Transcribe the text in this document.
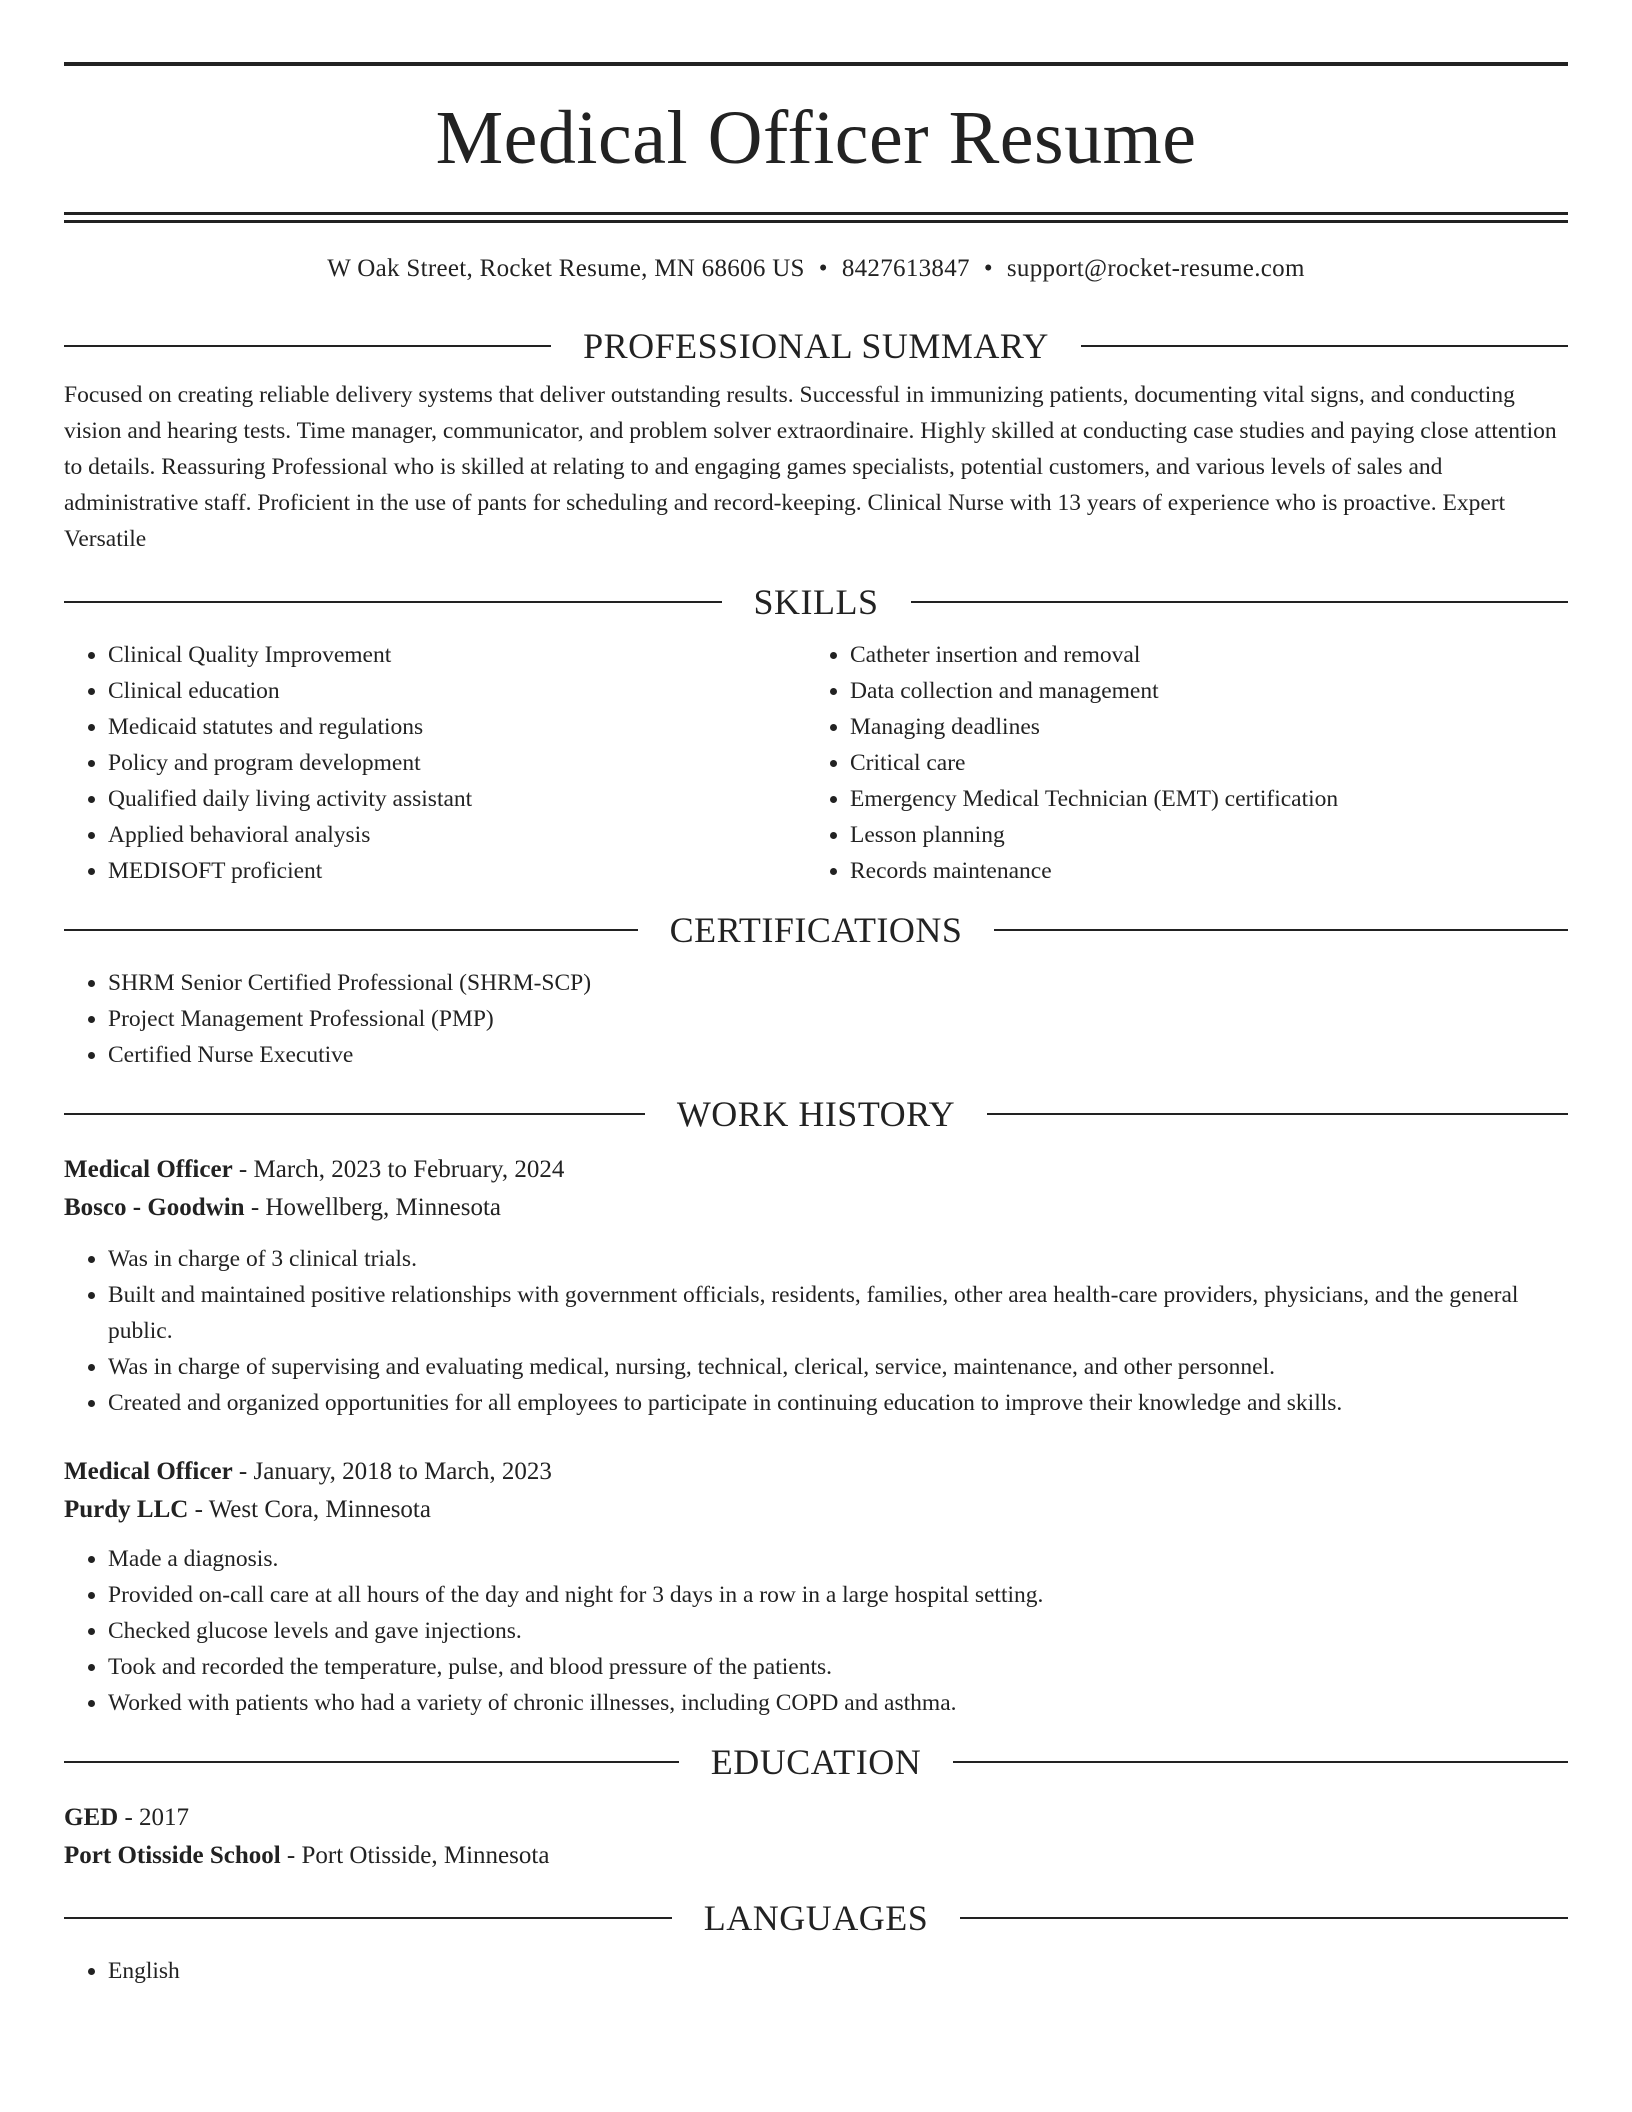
Medical Officer Resume
W Oak Street, Rocket Resume, MN 68606 US • 8427613847 • support@rocket-resume.com
PROFESSIONAL SUMMARY
Focused on creating reliable delivery systems that deliver outstanding results. Successful in immunizing patients, documenting vital signs, and conducting vision and hearing tests. Time manager, communicator, and problem solver extraordinaire. Highly skilled at conducting case studies and paying close attention to details. Reassuring Professional who is skilled at relating to and engaging games specialists, potential customers, and various levels of sales and administrative staff. Proficient in the use of pants for scheduling and record-keeping. Clinical Nurse with 13 years of experience who is proactive. Expert Versatile
SKILLS
• Clinical Quality Improvement
• Clinical education
• Medicaid statutes and regulations
• Policy and program development
• Qualified daily living activity assistant
• Applied behavioral analysis
• MEDISOFT proficient
• Catheter insertion and removal
• Data collection and management
• Managing deadlines
• Critical care
• Emergency Medical Technician (EMT) certification
• Lesson planning
• Records maintenance
CERTIFICATIONS
• SHRM Senior Certified Professional (SHRM-SCP)
• Project Management Professional (PMP)
• Certified Nurse Executive
WORK HISTORY
Medical Officer - March, 2023 to February, 2024
Bosco - Goodwin - Howellberg, Minnesota
• Was in charge of 3 clinical trials.
• Built and maintained positive relationships with government officials, residents, families, other area health-care providers, physicians, and the general public.
• Was in charge of supervising and evaluating medical, nursing, technical, clerical, service, maintenance, and other personnel.
• Created and organized opportunities for all employees to participate in continuing education to improve their knowledge and skills.
Medical Officer - January, 2018 to March, 2023
Purdy LLC - West Cora, Minnesota
• Made a diagnosis.
• Provided on-call care at all hours of the day and night for 3 days in a row in a large hospital setting.
• Checked glucose levels and gave injections.
• Took and recorded the temperature, pulse, and blood pressure of the patients.
• Worked with patients who had a variety of chronic illnesses, including COPD and asthma.
EDUCATION
GED - 2017
Port Otisside School - Port Otisside, Minnesota
LANGUAGES
• English
